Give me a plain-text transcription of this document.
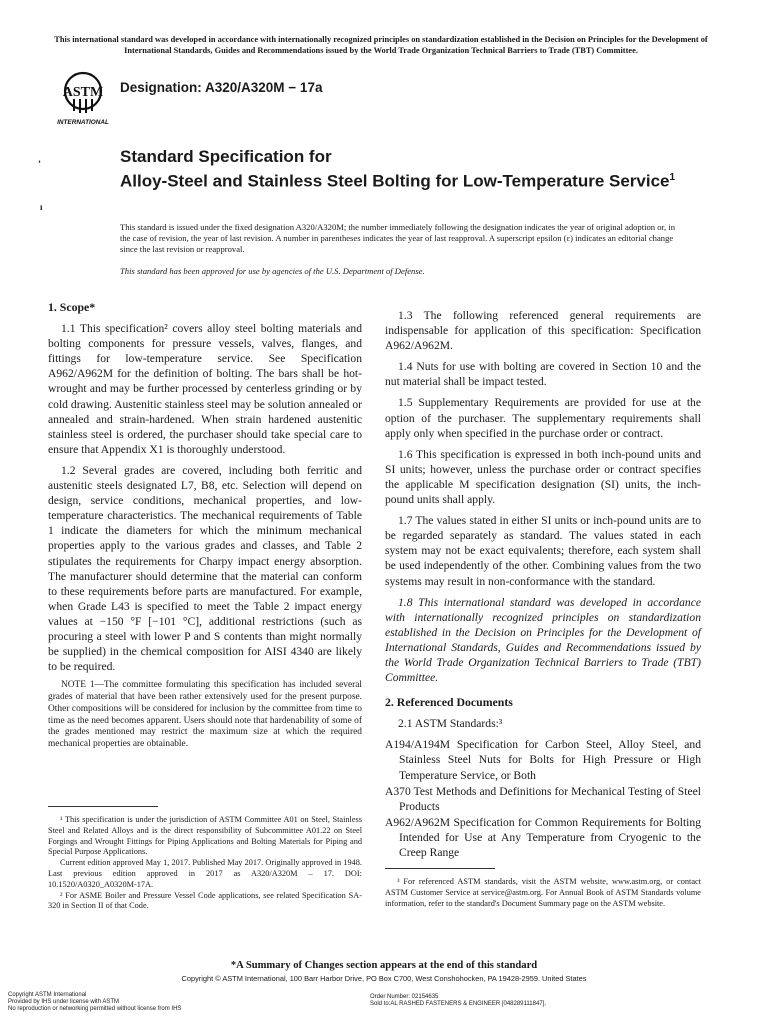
This international standard was developed in accordance with internationally recognized principles on standardization established in the Decision on Principles for the Development of International Standards, Guides and Recommendations issued by the World Trade Organization Technical Barriers to Trade (TBT) Committee.
ASTM
INTERNATIONAL
Designation: A320/A320M − 17a
Standard Specification for
Alloy-Steel and Stainless Steel Bolting for Low-Temperature Service$^1$
This standard is issued under the fixed designation A320/A320M; the number immediately following the designation indicates the year of original adoption or, in the case of revision, the year of last revision. A number in parentheses indicates the year of last reapproval. A superscript epsilon (ε) indicates an editorial change since the last revision or reapproval.
This standard has been approved for use by agencies of the U.S. Department of Defense.
‚
ı
1. Scope*

1.1 This specification² covers alloy steel bolting materials and bolting components for pressure vessels, valves, flanges, and fittings for low-temperature service. See Specification A962/A962M for the definition of bolting. The bars shall be hot-wrought and may be further processed by centerless grinding or by cold drawing. Austenitic stainless steel may be solution annealed or annealed and strain-hardened. When strain hardened austenitic stainless steel is ordered, the purchaser should take special care to ensure that Appendix X1 is thoroughly understood.

1.2 Several grades are covered, including both ferritic and austenitic steels designated L7, B8, etc. Selection will depend on design, service conditions, mechanical properties, and low-temperature characteristics. The mechanical requirements of Table 1 indicate the diameters for which the minimum mechanical properties apply to the various grades and classes, and Table 2 stipulates the requirements for Charpy impact energy absorption. The manufacturer should determine that the material can conform to these requirements before parts are manufactured. For example, when Grade L43 is specified to meet the Table 2 impact energy values at −150 °F [−101 °C], additional restrictions (such as procuring a steel with lower P and S contents than might normally be supplied) in the chemical composition for AISI 4340 are likely to be required.

NOTE 1—The committee formulating this specification has included several grades of material that have been rather extensively used for the present purpose. Other compositions will be considered for inclusion by the committee from time to time as the need becomes apparent. Users should note that hardenability of some of the grades mentioned may restrict the maximum size at which the required mechanical properties are obtainable.

¹ This specification is under the jurisdiction of ASTM Committee A01 on Steel, Stainless Steel and Related Alloys and is the direct responsibility of Subcommittee A01.22 on Steel Forgings and Wrought Fittings for Piping Applications and Bolting Materials for Piping and Special Purpose Applications.

Current edition approved May 1, 2017. Published May 2017. Originally approved in 1948. Last previous edition approved in 2017 as A320/A320M – 17. DOI: 10.1520/A0320_A0320M-17A.

² For ASME Boiler and Pressure Vessel Code applications, see related Specification SA-320 in Section II of that Code.

1.3 The following referenced general requirements are indispensable for application of this specification: Specification A962/A962M.

1.4 Nuts for use with bolting are covered in Section 10 and the nut material shall be impact tested.

1.5 Supplementary Requirements are provided for use at the option of the purchaser. The supplementary requirements shall apply only when specified in the purchase order or contract.

1.6 This specification is expressed in both inch-pound units and SI units; however, unless the purchase order or contract specifies the applicable M specification designation (SI) units, the inch-pound units shall apply.

1.7 The values stated in either SI units or inch-pound units are to be regarded separately as standard. The values stated in each system may not be exact equivalents; therefore, each system shall be used independently of the other. Combining values from the two systems may result in non-conformance with the standard.

1.8 This international standard was developed in accordance with internationally recognized principles on standardization established in the Decision on Principles for the Development of International Standards, Guides and Recommendations issued by the World Trade Organization Technical Barriers to Trade (TBT) Committee.

2. Referenced Documents

2.1 ASTM Standards:³

A194/A194M Specification for Carbon Steel, Alloy Steel, and Stainless Steel Nuts for Bolts for High Pressure or High Temperature Service, or Both
A370 Test Methods and Definitions for Mechanical Testing of Steel Products
A962/A962M Specification for Common Requirements for Bolting Intended for Use at Any Temperature from Cryogenic to the Creep Range

³ For referenced ASTM standards, visit the ASTM website, www.astm.org, or contact ASTM Customer Service at service@astm.org. For Annual Book of ASTM Standards volume information, refer to the standard's Document Summary page on the ASTM website.

*A Summary of Changes section appears at the end of this standard
Copyright © ASTM International, 100 Barr Harbor Drive, PO Box C700, West Conshohocken, PA 19428-2959. United States
Copyright ASTM International
Provided by IHS under license with ASTM
No reproduction or networking permitted without license from IHS
Order Number: 02154635
Sold to:AL RASHED FASTENERS & ENGINEER [048289111847],
